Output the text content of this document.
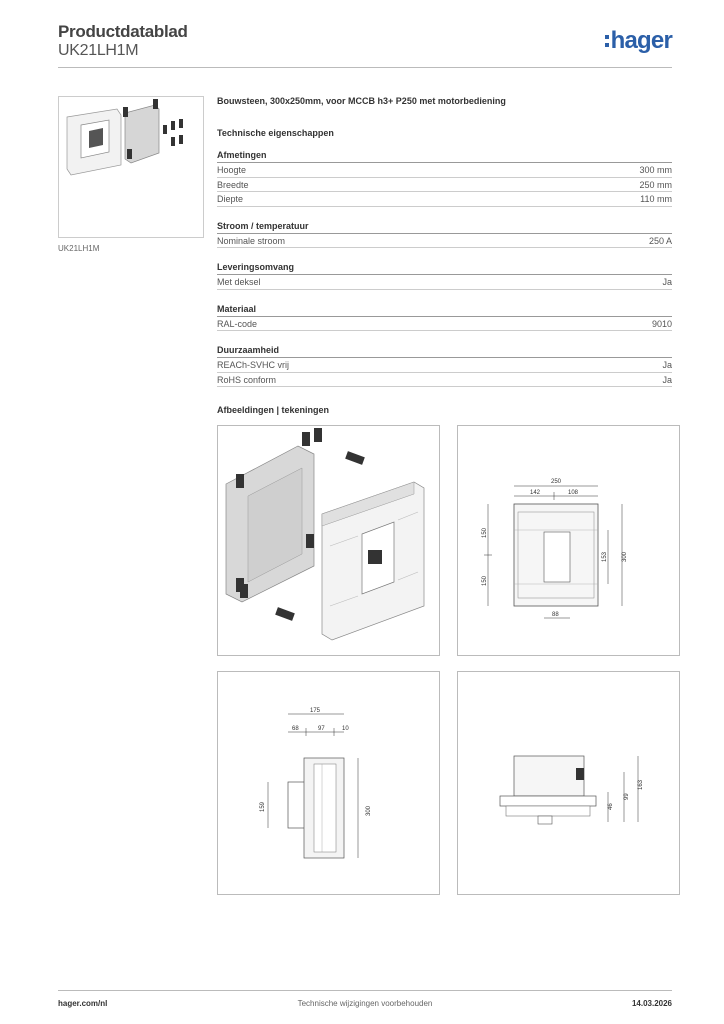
Productdatablad
UK21LH1M	hager
UK21LH1M
Bouwsteen, 300x250mm, voor MCCB h3+ P250 met motorbediening
Technische eigenschappen
Afmetingen
Hoogte	300 mm
Breedte	250 mm
Diepte	110 mm
Stroom / temperatuur
Nominale stroom	250 A
Leveringsomvang
Met deksel	Ja
Materiaal
RAL-code	9010
Duurzaamheid
REACh-SVHC vrij	Ja
RoHS conform	Ja
Afbeeldingen | tekeningen
250
142	108
150
150
153 300
88
175
68	97	10
159	300
163
99
46
hager.com/nl	Technische wijzigingen voorbehouden	14.03.2026
